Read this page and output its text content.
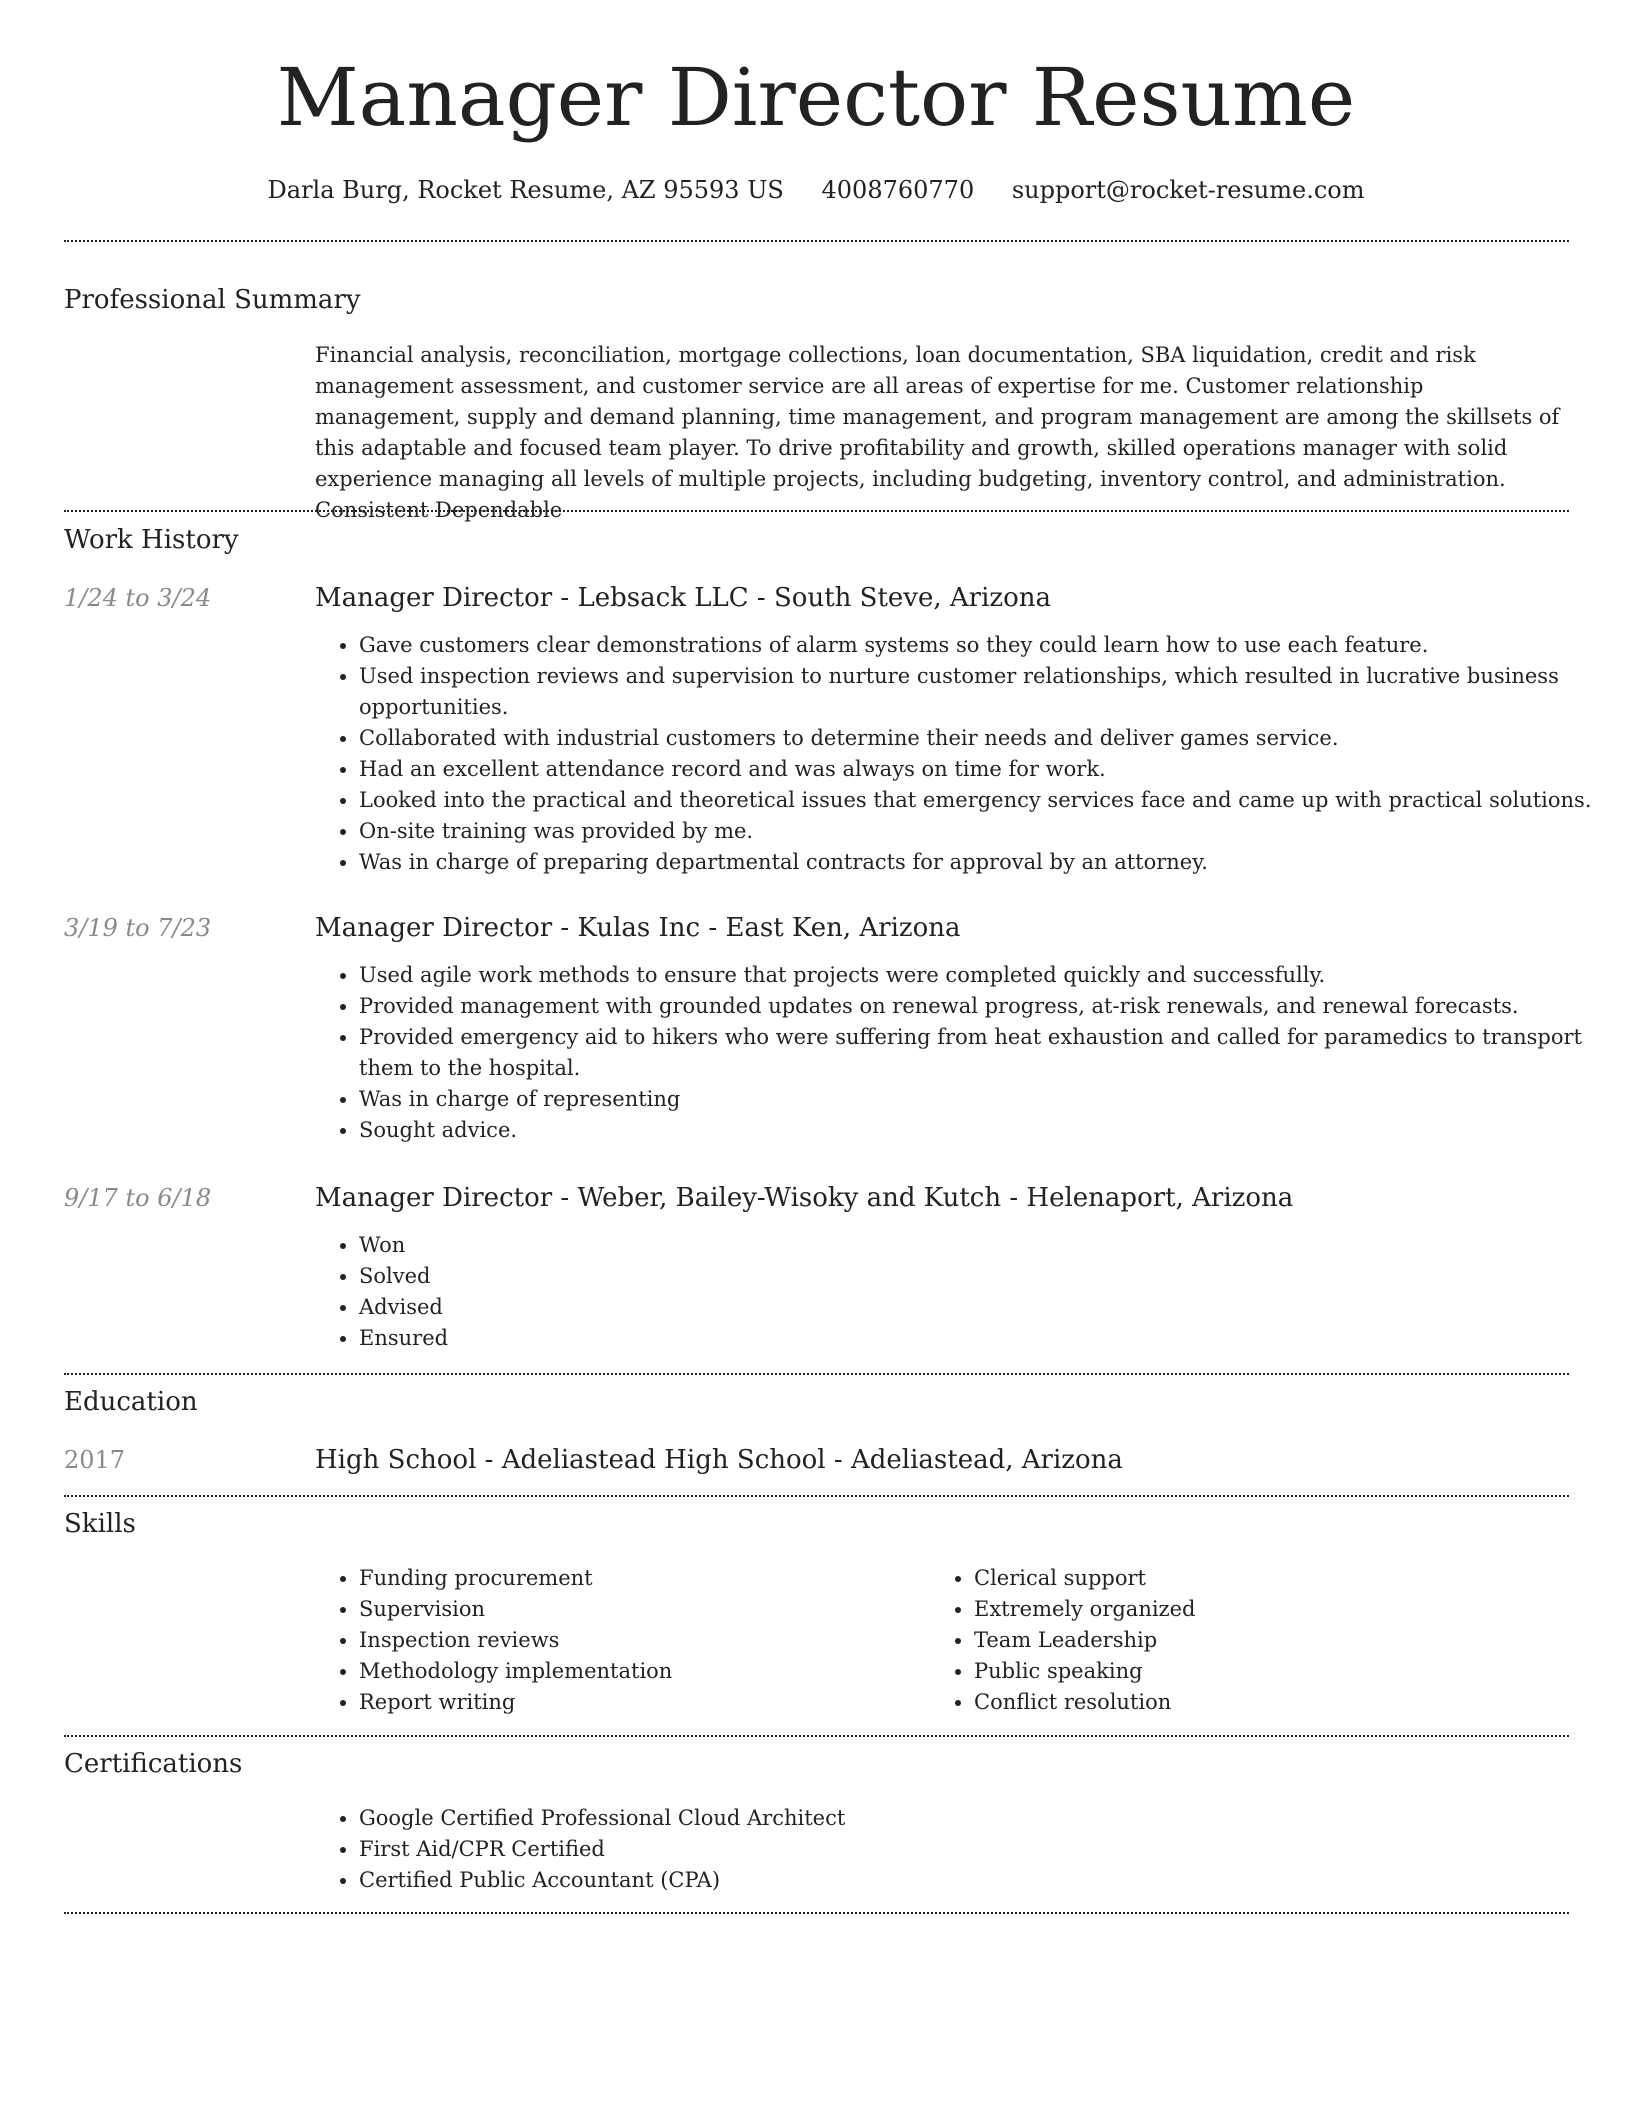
Manager Director Resume
Darla Burg, Rocket Resume, AZ 95593 US 4008760770 support@rocket-resume.com
Professional Summary

Financial analysis, reconciliation, mortgage collections, loan documentation, SBA liquidation, credit and risk management assessment, and customer service are all areas of expertise for me. Customer relationship management, supply and demand planning, time management, and program management are among the skillsets of this adaptable and focused team player. To drive profitability and growth, skilled operations manager with solid experience managing all levels of multiple projects, including budgeting, inventory control, and administration. Consistent Dependable

Work History
1/24 to 3/24	Manager Director - Lebsack LLC - South Steve, Arizona
• Gave customers clear demonstrations of alarm systems so they could learn how to use each feature.
• Used inspection reviews and supervision to nurture customer relationships, which resulted in lucrative business opportunities.
• Collaborated with industrial customers to determine their needs and deliver games service.
• Had an excellent attendance record and was always on time for work.
• Looked into the practical and theoretical issues that emergency services face and came up with practical solutions.
• On-site training was provided by me.
• Was in charge of preparing departmental contracts for approval by an attorney.
3/19 to 7/23	Manager Director - Kulas Inc - East Ken, Arizona
• Used agile work methods to ensure that projects were completed quickly and successfully.
• Provided management with grounded updates on renewal progress, at-risk renewals, and renewal forecasts.
• Provided emergency aid to hikers who were suffering from heat exhaustion and called for paramedics to transport them to the hospital.
• Was in charge of representing
• Sought advice.
9/17 to 6/18	Manager Director - Weber, Bailey-Wisoky and Kutch - Helenaport, Arizona
• Won
• Solved
• Advised
• Ensured
Education
2017	High School - Adeliastead High School - Adeliastead, Arizona
Skills
• Funding procurement
• Supervision
• Inspection reviews
• Methodology implementation
• Report writing
• Clerical support
• Extremely organized
• Team Leadership
• Public speaking
• Conflict resolution
Certifications
• Google Certified Professional Cloud Architect
• First Aid/CPR Certified
• Certified Public Accountant (CPA)
